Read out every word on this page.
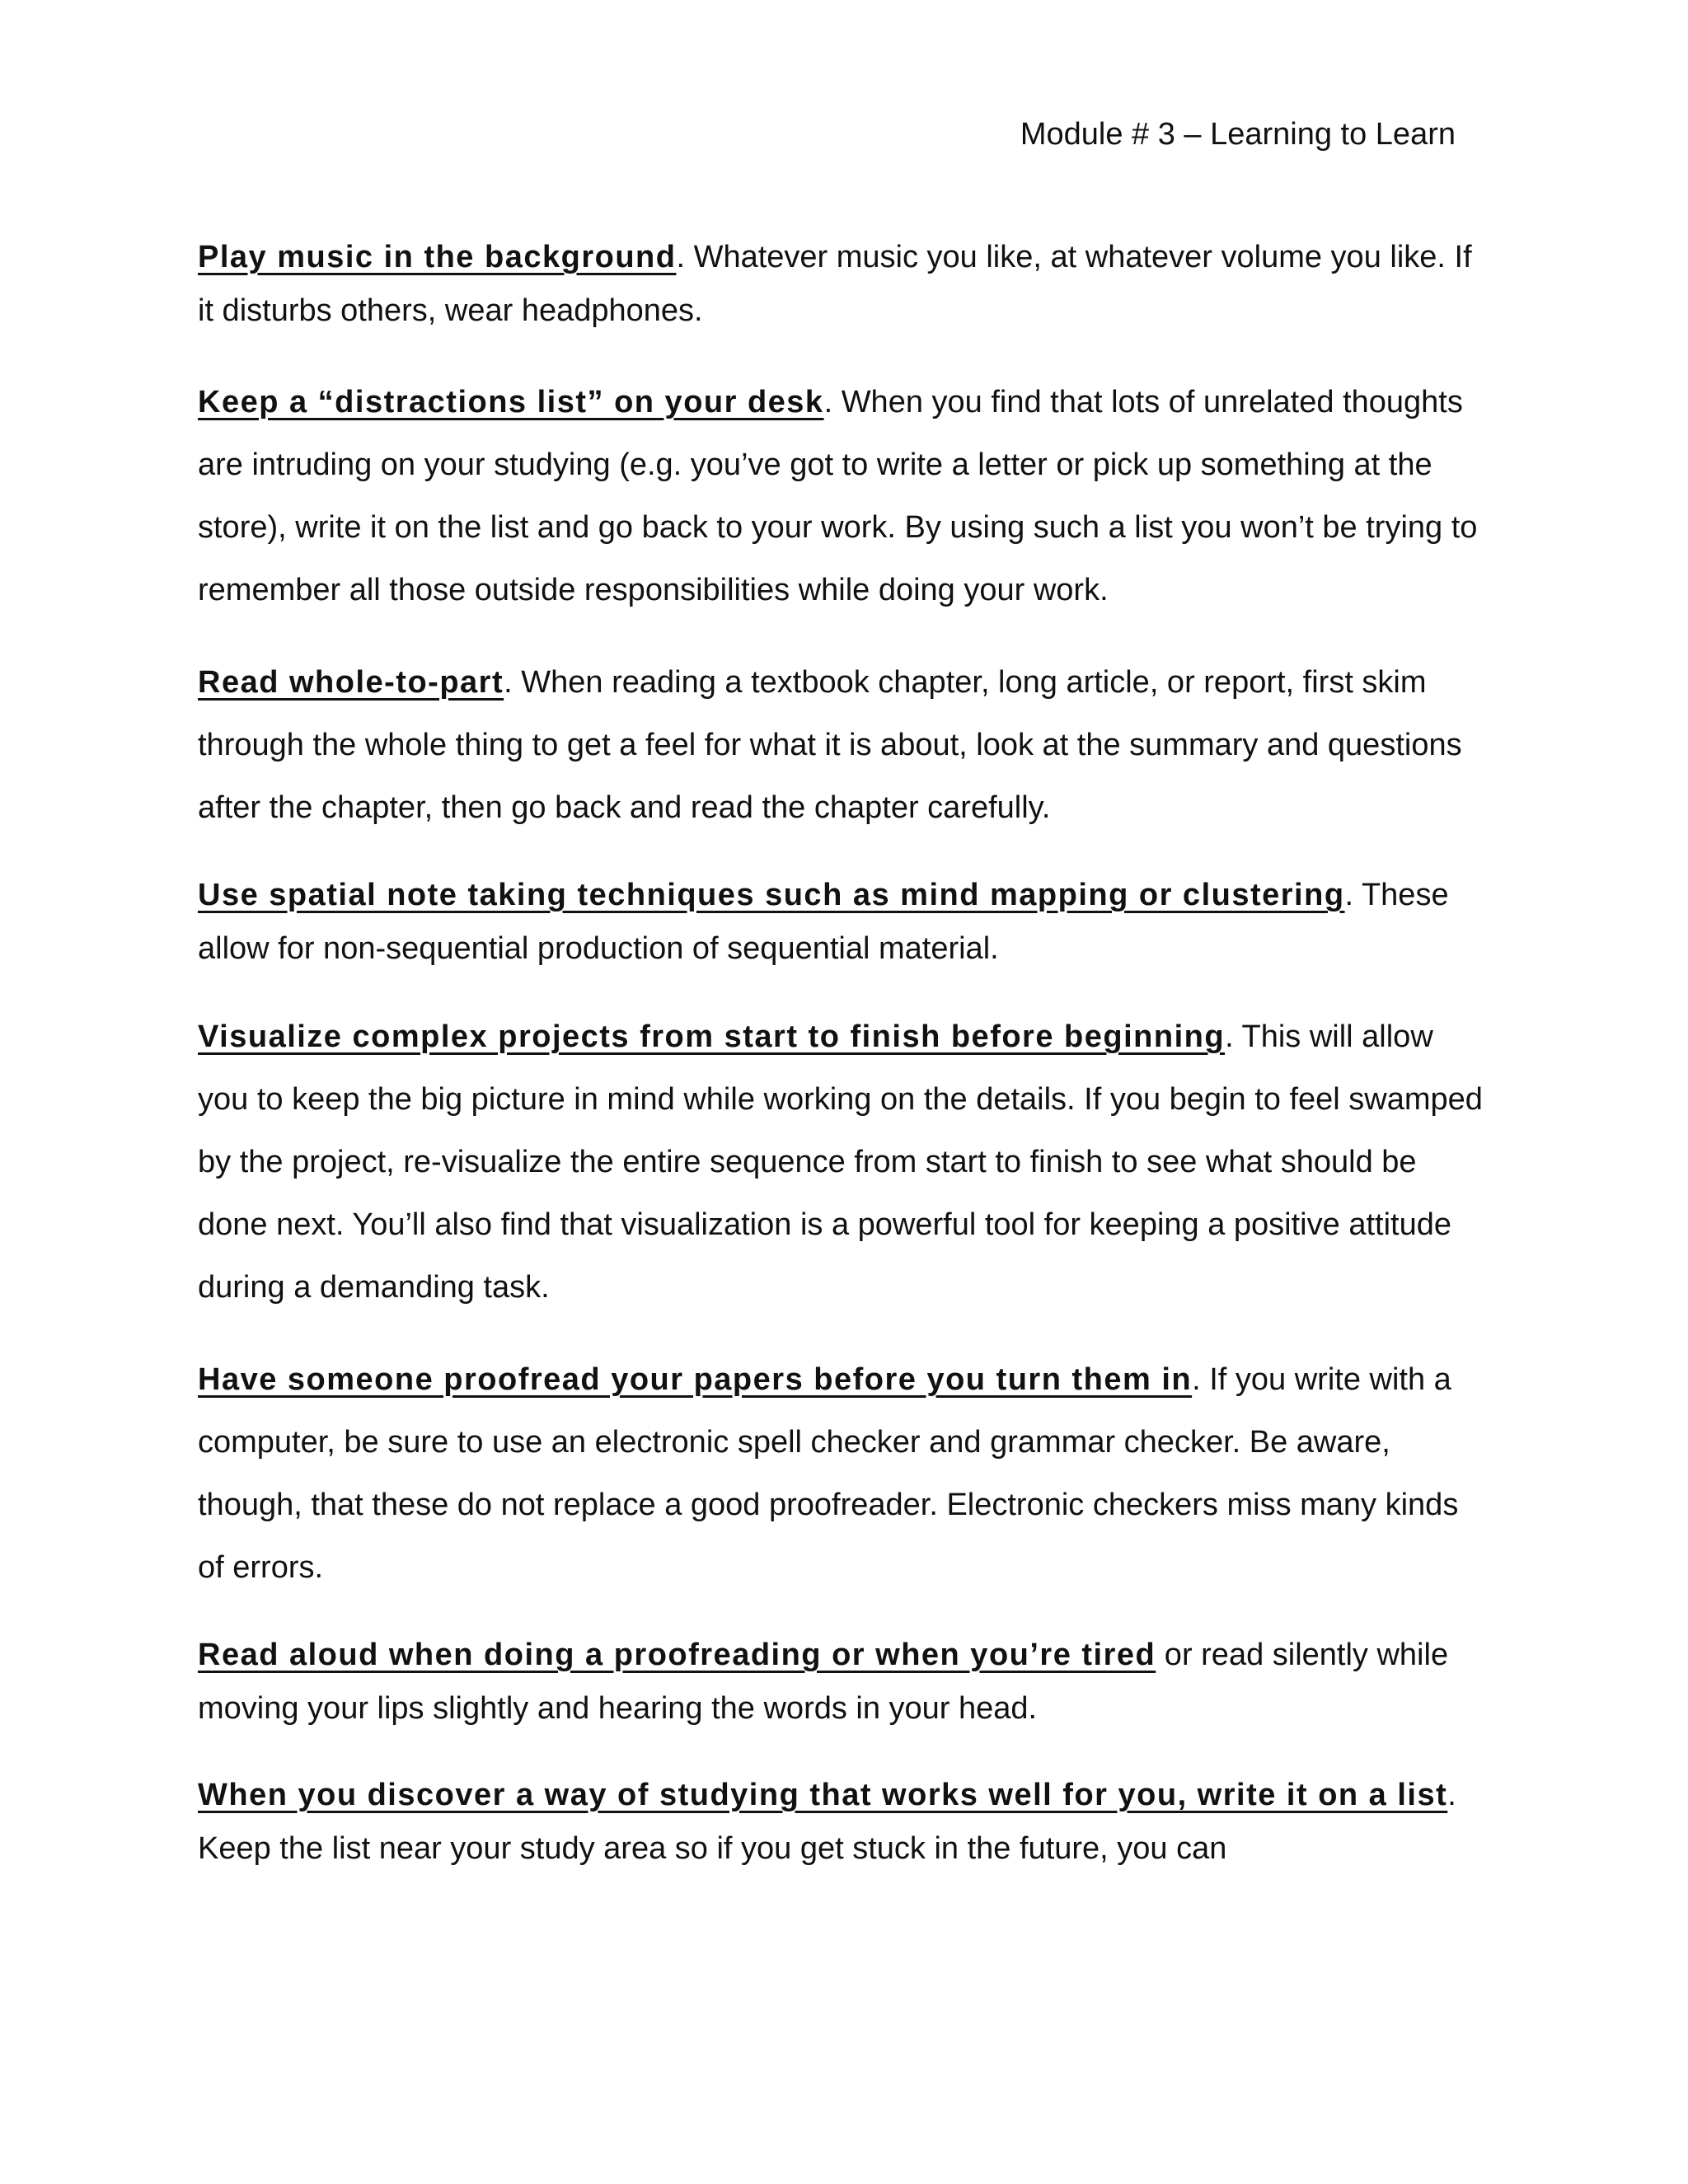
Module # 3 – Learning to Learn

Play music in the background. Whatever music you like, at whatever volume you like. If it disturbs others, wear headphones.

Keep a “distractions list” on your desk. When you find that lots of unrelated thoughts are intruding on your studying (e.g. you’ve got to write a letter or pick up something at the store), write it on the list and go back to your work. By using such a list you won’t be trying to remember all those outside responsibilities while doing your work.

Read whole-to-part. When reading a textbook chapter, long article, or report, first skim through the whole thing to get a feel for what it is about, look at the summary and questions after the chapter, then go back and read the chapter carefully.

Use spatial note taking techniques such as mind mapping or clustering. These allow for non-sequential production of sequential material.

Visualize complex projects from start to finish before beginning. This will allow you to keep the big picture in mind while working on the details. If you begin to feel swamped by the project, re-visualize the entire sequence from start to finish to see what should be done next. You’ll also find that visualization is a powerful tool for keeping a positive attitude during a demanding task.

Have someone proofread your papers before you turn them in. If you write with a computer, be sure to use an electronic spell checker and grammar checker. Be aware, though, that these do not replace a good proofreader. Electronic checkers miss many kinds of errors.

Read aloud when doing a proofreading or when you’re tired or read silently while moving your lips slightly and hearing the words in your head.

When you discover a way of studying that works well for you, write it on a list. Keep the list near your study area so if you get stuck in the future, you can
